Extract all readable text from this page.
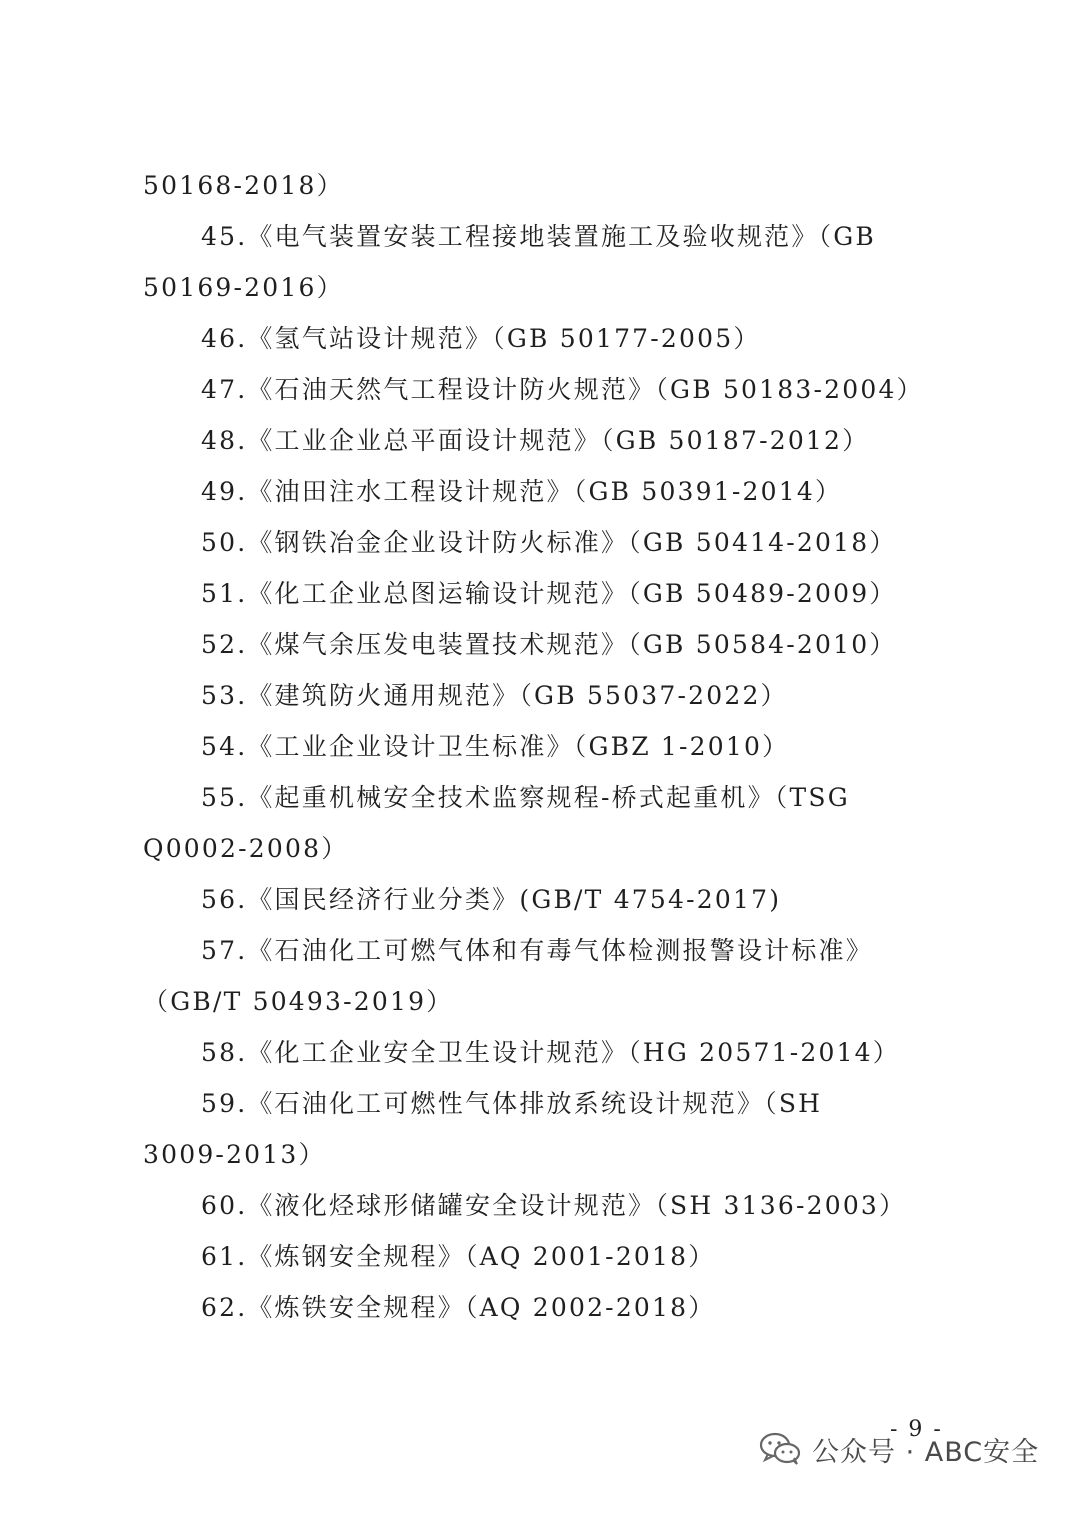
50168-2018）
45.《电气装置安装工程接地装置施工及验收规范》（GB
50169-2016）
46.《氢气站设计规范》（GB 50177-2005）
47.《石油天然气工程设计防火规范》（GB 50183-2004）
48.《工业企业总平面设计规范》（GB 50187-2012）
49.《油田注水工程设计规范》（GB 50391-2014）
50.《钢铁冶金企业设计防火标准》（GB 50414-2018）
51.《化工企业总图运输设计规范》（GB 50489-2009）
52.《煤气余压发电装置技术规范》（GB 50584-2010）
53.《建筑防火通用规范》（GB 55037-2022）
54.《工业企业设计卫生标准》（GBZ 1-2010）
55.《起重机械安全技术监察规程-桥式起重机》（TSG
Q0002-2008）
56.《国民经济行业分类》(GB/T 4754-2017)
57.《石油化工可燃气体和有毒气体检测报警设计标准》
（GB/T 50493-2019）
58.《化工企业安全卫生设计规范》（HG 20571-2014）
59.《石油化工可燃性气体排放系统设计规范》（SH
3009-2013）
60.《液化烃球形储罐安全设计规范》（SH 3136-2003）
61.《炼钢安全规程》（AQ 2001-2018）
62.《炼铁安全规程》（AQ 2002-2018）
- 9 -
公众号 · ABC安全
